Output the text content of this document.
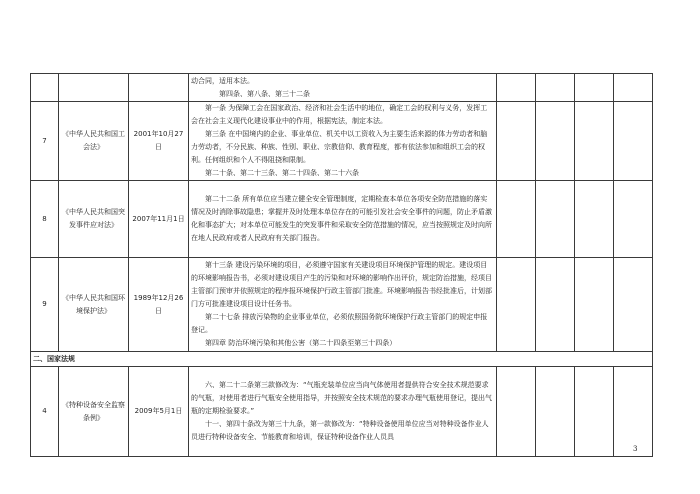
			动合同，适用本法。

第四条、第八条、第三十二条				

7	《中华人民共和国工会法》	2001年10月27日	第一条 为保障工会在国家政治、经济和社会生活中的地位，确定工会的权利与义务，发挥工会在社会主义现代化建设事业中的作用，根据宪法，制定本法。

第三条 在中国境内的企业、事业单位、机关中以工资收入为主要生活来源的体力劳动者和脑力劳动者，不分民族、种族、性别、职业、宗教信仰、教育程度，都有依法参加和组织工会的权利。任何组织和个人不得阻挠和限制。

第二十条、第二十三条、第二十四条、第二十六条				

8	《中华人民共和国突发事件应对法》	2007年11月1日	第二十二条 所有单位应当建立健全安全管理制度，定期检查本单位各项安全防范措施的落实情况及时消除事故隐患；掌握并及时处理本单位存在的可能引发社会安全事件的问题，防止矛盾激化和事态扩大；对本单位可能发生的突发事件和采取安全防范措施的情况，应当按照规定及时向所在地人民政府或者人民政府有关部门报告。				

9	《中华人民共和国环境保护法》	1989年12月26日	第十三条 建设污染环境的项目，必须遵守国家有关建设项目环境保护管理的规定。建设项目的环境影响报告书，必须对建设项目产生的污染和对环境的影响作出评价，规定防治措施，经项目主管部门预审并依照规定的程序报环境保护行政主管部门批准。环境影响报告书经批准后，计划部门方可批准建设项目设计任务书。

第二十七条 排放污染物的企业事业单位，必须依照国务院环境保护行政主管部门的规定申报登记。

第四章 防治环境污染和其他公害（第二十四条至第三十四条）				

二、国家法规							
4	《特种设备安全监察条例》	2009年5月1日	六、第二十二条第三款修改为：“气瓶充装单位应当向气体使用者提供符合安全技术规范要求的气瓶，对使用者进行气瓶安全使用指导，并按照安全技术规范的要求办理气瓶使用登记，提出气瓶的定期检验要求。”

十一、第四十条改为第三十九条，第一款修改为：“特种设备使用单位应当对特种设备作业人员进行特种设备安全、节能教育和培训，保证特种设备作业人员具				

3
